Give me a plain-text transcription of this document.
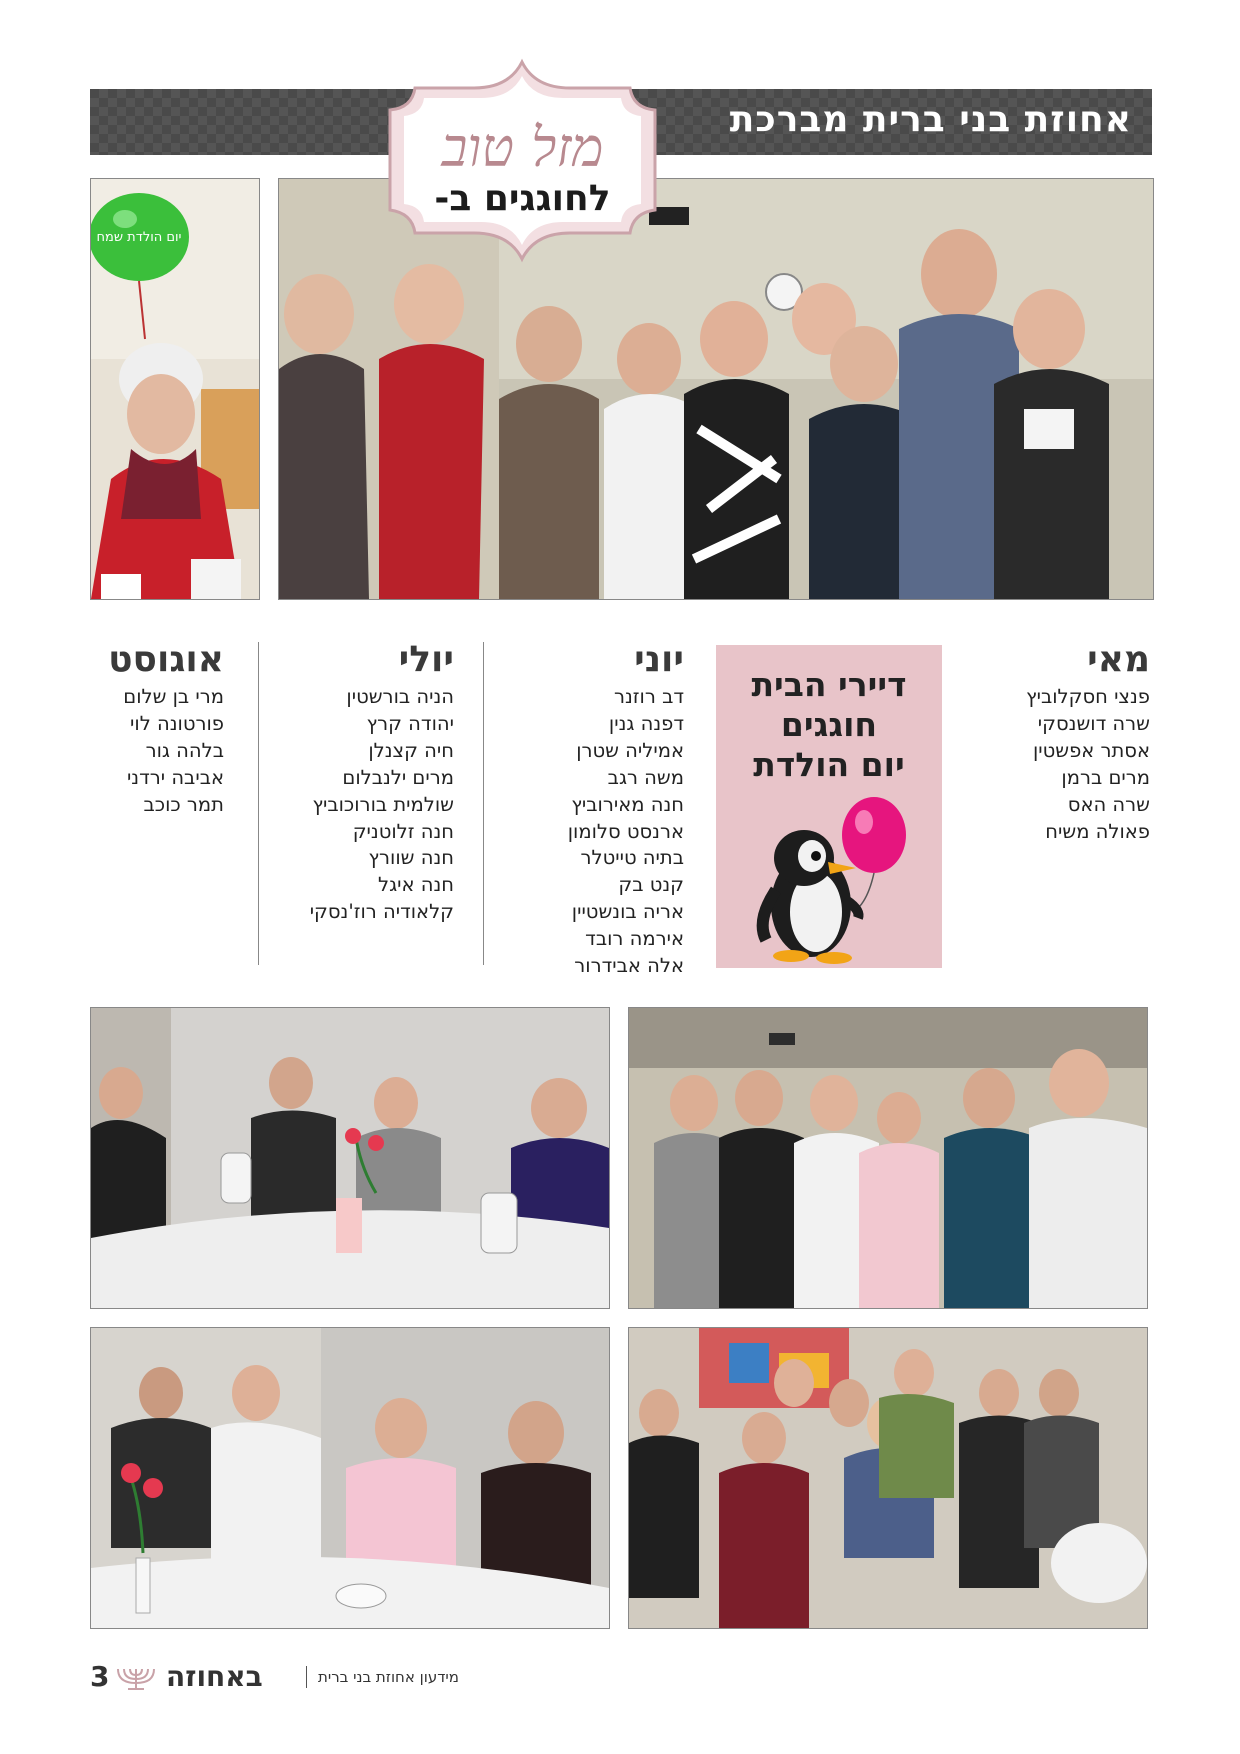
אחוזת בני ברית מברכת
יום הולדת שמח
מזל טוב
לחוגגים ב-
מאי
פנצי חסקלוביץ
שרה דושנסקי
אסתר אפשטין
מרים ברמן
שרה האס
פאולה משיח
דיירי הבית
חוגגים
יום הולדת
יוני
דב רוזנר
דפנה גנין
אמיליה שטרן
משה רגב
חנה מאירוביץ
ארנסט סלומון
בתיה טייטלר
קנט בק
אריה בונשטיין
אירמה רובד
אלה אבידרור
יולי
הניה בורשטין
יהודה קרץ
חיה קצנלן
מרים ילנבלום
שולמית בורוכוביץ
חנה זלוטניק
חנה שוורץ
חנה איגל
קלאודיה רוז'נסקי
אוגוסט
מרי בן שלום
פורטונה לוי
בלהה גור
אביבה ירדני
תמר כוכב
3 באחוזה	מידעון אחוזת בני ברית
